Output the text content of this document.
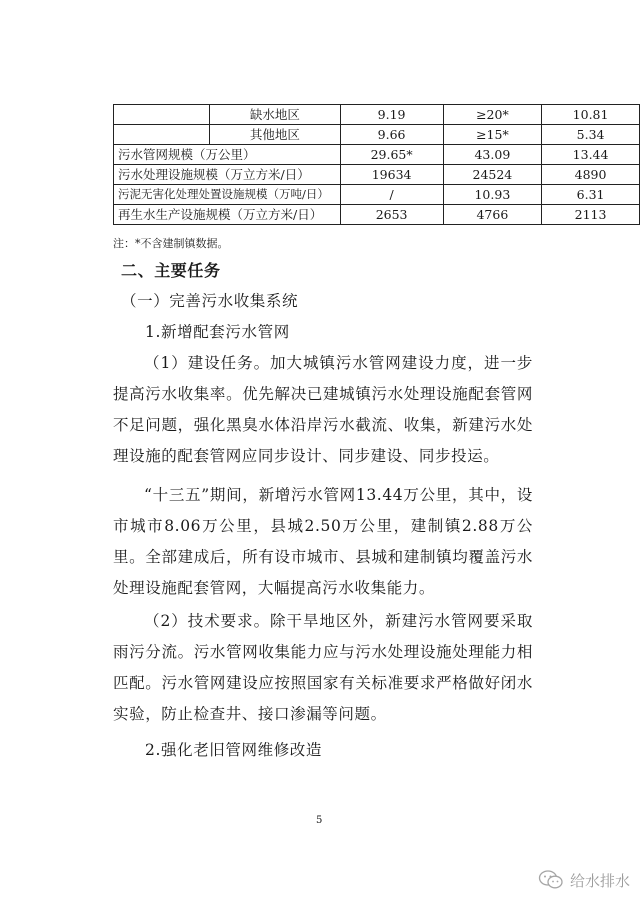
	缺水地区	9.19	≥20*	10.81
	其他地区	9.66	≥15*	5.34
污水管网规模（万公里）		29.65*	43.09	13.44
污水处理设施规模（万立方米/日）		19634	24524	4890
污泥无害化处理处置设施规模（万吨/日）		/	10.93	6.31
再生水生产设施规模（万立方米/日）		2653	4766	2113
注：*不含建制镇数据。

二、主要任务

（一）完善污水收集系统

1.新增配套污水管网

（1）建设任务。加大城镇污水管网建设力度，进一步提高污水收集率。优先解决已建城镇污水处理设施配套管网不足问题，强化黑臭水体沿岸污水截流、收集，新建污水处理设施的配套管网应同步设计、同步建设、同步投运。

“十三五”期间，新增污水管网13.44万公里，其中，设市城市8.06万公里，县城2.50万公里，建制镇2.88万公里。全部建成后，所有设市城市、县城和建制镇均覆盖污水处理设施配套管网，大幅提高污水收集能力。

（2）技术要求。除干旱地区外，新建污水管网要采取雨污分流。污水管网收集能力应与污水处理设施处理能力相匹配。污水管网建设应按照国家有关标准要求严格做好闭水实验，防止检查井、接口渗漏等问题。

2.强化老旧管网维修改造

5
给水排水
